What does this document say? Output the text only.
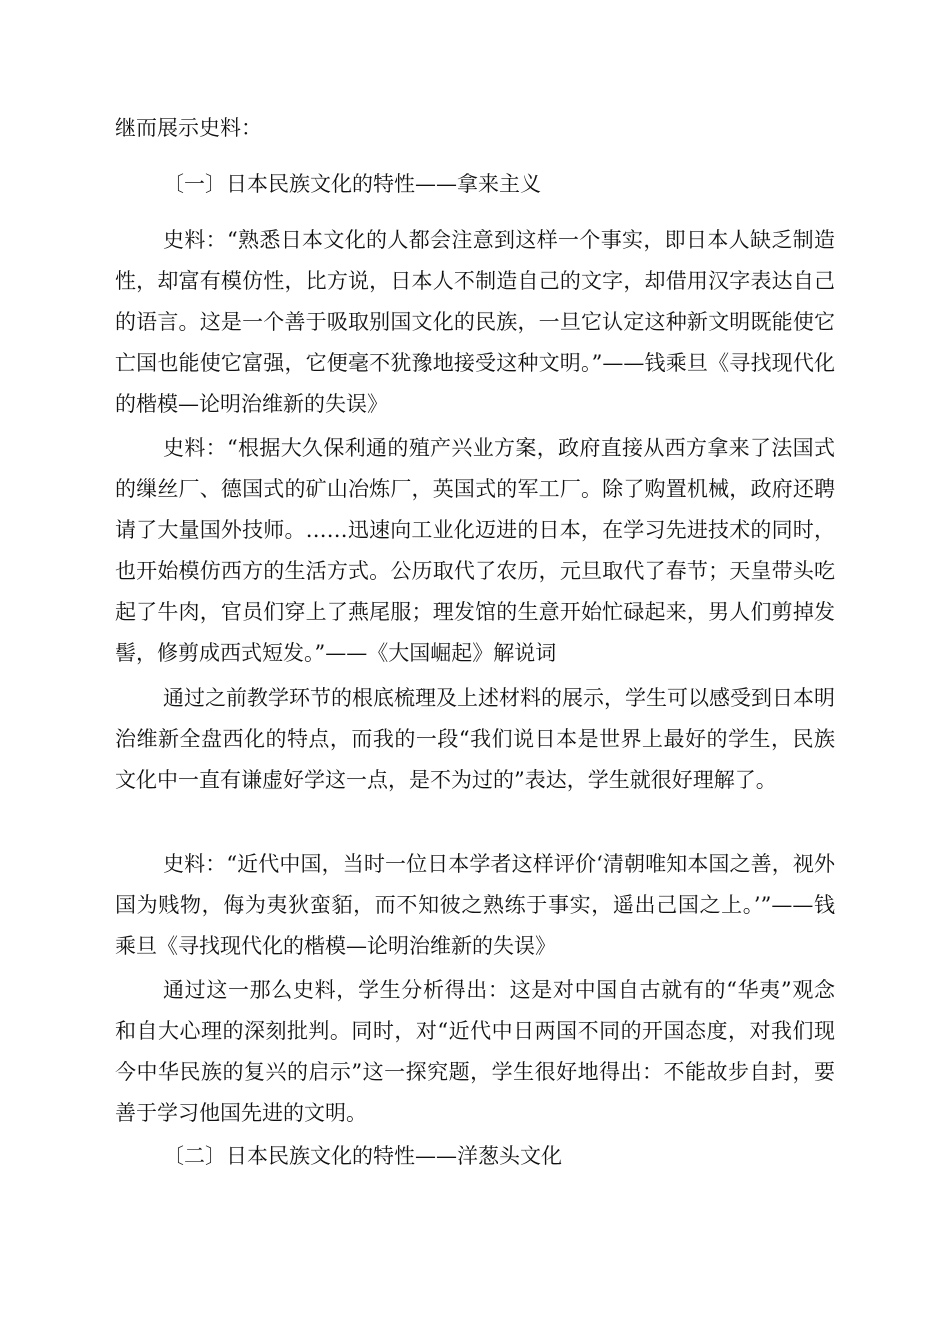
继而展示史料：

〔一〕日本民族文化的特性——拿来主义

史料：“熟悉日本文化的人都会注意到这样一个事实，即日本人缺乏制造性，却富有模仿性，比方说，日本人不制造自己的文字，却借用汉字表达自己的语言。这是一个善于吸取别国文化的民族，一旦它认定这种新文明既能使它亡国也能使它富强，它便毫不犹豫地接受这种文明。”——钱乘旦《寻找现代化的楷模—论明治维新的失误》

史料：“根据大久保利通的殖产兴业方案，政府直接从西方拿来了法国式的缫丝厂、德国式的矿山冶炼厂，英国式的军工厂。除了购置机械，政府还聘请了大量国外技师。……迅速向工业化迈进的日本，在学习先进技术的同时，也开始模仿西方的生活方式。公历取代了农历，元旦取代了春节；天皇带头吃起了牛肉，官员们穿上了燕尾服；理发馆的生意开始忙碌起来，男人们剪掉发髻，修剪成西式短发。”——《大国崛起》解说词

通过之前教学环节的根底梳理及上述材料的展示，学生可以感受到日本明治维新全盘西化的特点，而我的一段“我们说日本是世界上最好的学生，民族文化中一直有谦虚好学这一点，是不为过的”表达，学生就很好理解了。

史料：“近代中国，当时一位日本学者这样评价‘清朝唯知本国之善，视外国为贱物，侮为夷狄蛮貊，而不知彼之熟练于事实，遥出己国之上。’”——钱乘旦《寻找现代化的楷模—论明治维新的失误》

通过这一那么史料，学生分析得出：这是对中国自古就有的“华夷”观念和自大心理的深刻批判。同时，对“近代中日两国不同的开国态度，对我们现今中华民族的复兴的启示”这一探究题，学生很好地得出：不能故步自封，要善于学习他国先进的文明。

〔二〕日本民族文化的特性——洋葱头文化
